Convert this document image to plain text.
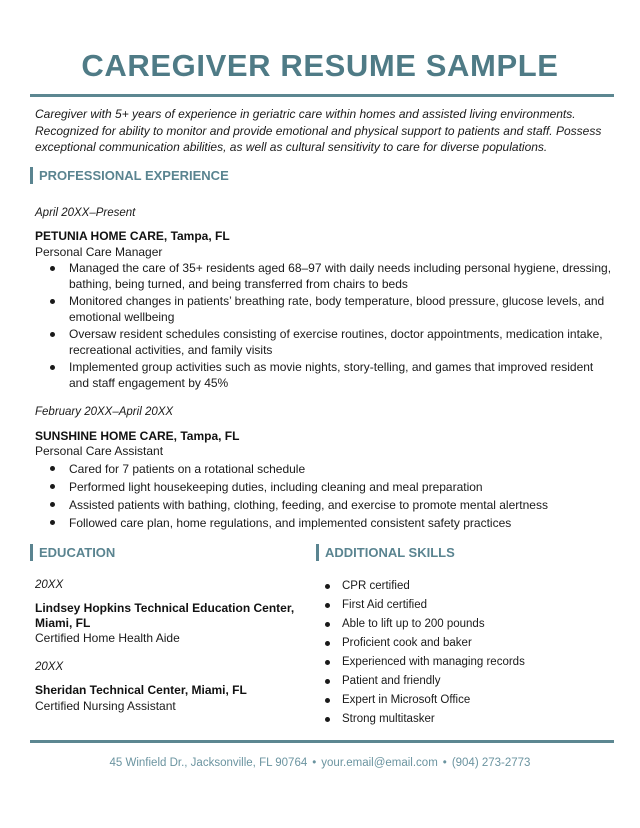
CAREGIVER RESUME SAMPLE
Caregiver with 5+ years of experience in geriatric care within homes and assisted living environments. Recognized for ability to monitor and provide emotional and physical support to patients and staff. Possess exceptional communication abilities, as well as cultural sensitivity to care for diverse populations.
PROFESSIONAL EXPERIENCE
April 20XX–Present
PETUNIA HOME CARE, Tampa, FL
Personal Care Manager
Managed the care of 35+ residents aged 68–97 with daily needs including personal hygiene, dressing, bathing, being turned, and being transferred from chairs to beds
Monitored changes in patients’ breathing rate, body temperature, blood pressure, glucose levels, and emotional wellbeing
Oversaw resident schedules consisting of exercise routines, doctor appointments, medication intake, recreational activities, and family visits
Implemented group activities such as movie nights, story-telling, and games that improved resident and staff engagement by 45%
February 20XX–April 20XX
SUNSHINE HOME CARE, Tampa, FL
Personal Care Assistant
Cared for 7 patients on a rotational schedule
Performed light housekeeping duties, including cleaning and meal preparation
Assisted patients with bathing, clothing, feeding, and exercise to promote mental alertness
Followed care plan, home regulations, and implemented consistent safety practices
EDUCATION
20XX
Lindsey Hopkins Technical Education Center, Miami, FL
Certified Home Health Aide
20XX
Sheridan Technical Center, Miami, FL
Certified Nursing Assistant
ADDITIONAL SKILLS
CPR certified
First Aid certified
Able to lift up to 200 pounds
Proficient cook and baker
Experienced with managing records
Patient and friendly
Expert in Microsoft Office
Strong multitasker
45 Winfield Dr., Jacksonville, FL 90764 • your.email@email.com • (904) 273-2773
